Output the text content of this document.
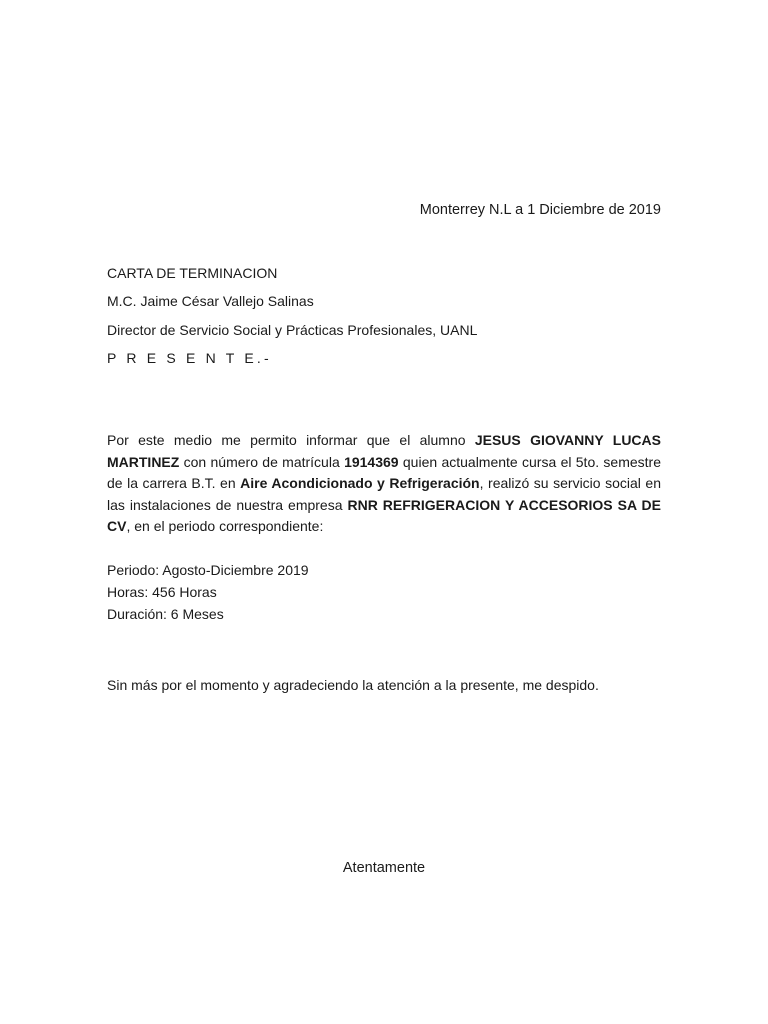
Monterrey N.L a 1 Diciembre de 2019
CARTA DE TERMINACION
M.C. Jaime César Vallejo Salinas
Director de Servicio Social y Prácticas Profesionales, UANL
P R E S E N T E.-
Por este medio me permito informar que el alumno JESUS GIOVANNY LUCAS MARTINEZ con número de matrícula 1914369 quien actualmente cursa el 5to. semestre de la carrera B.T. en Aire Acondicionado y Refrigeración, realizó su servicio social en las instalaciones de nuestra empresa RNR REFRIGERACION Y ACCESORIOS SA DE CV, en el periodo correspondiente:
Periodo: Agosto-Diciembre 2019
Horas: 456 Horas
Duración: 6 Meses
Sin más por el momento y agradeciendo la atención a la presente, me despido.
Atentamente
